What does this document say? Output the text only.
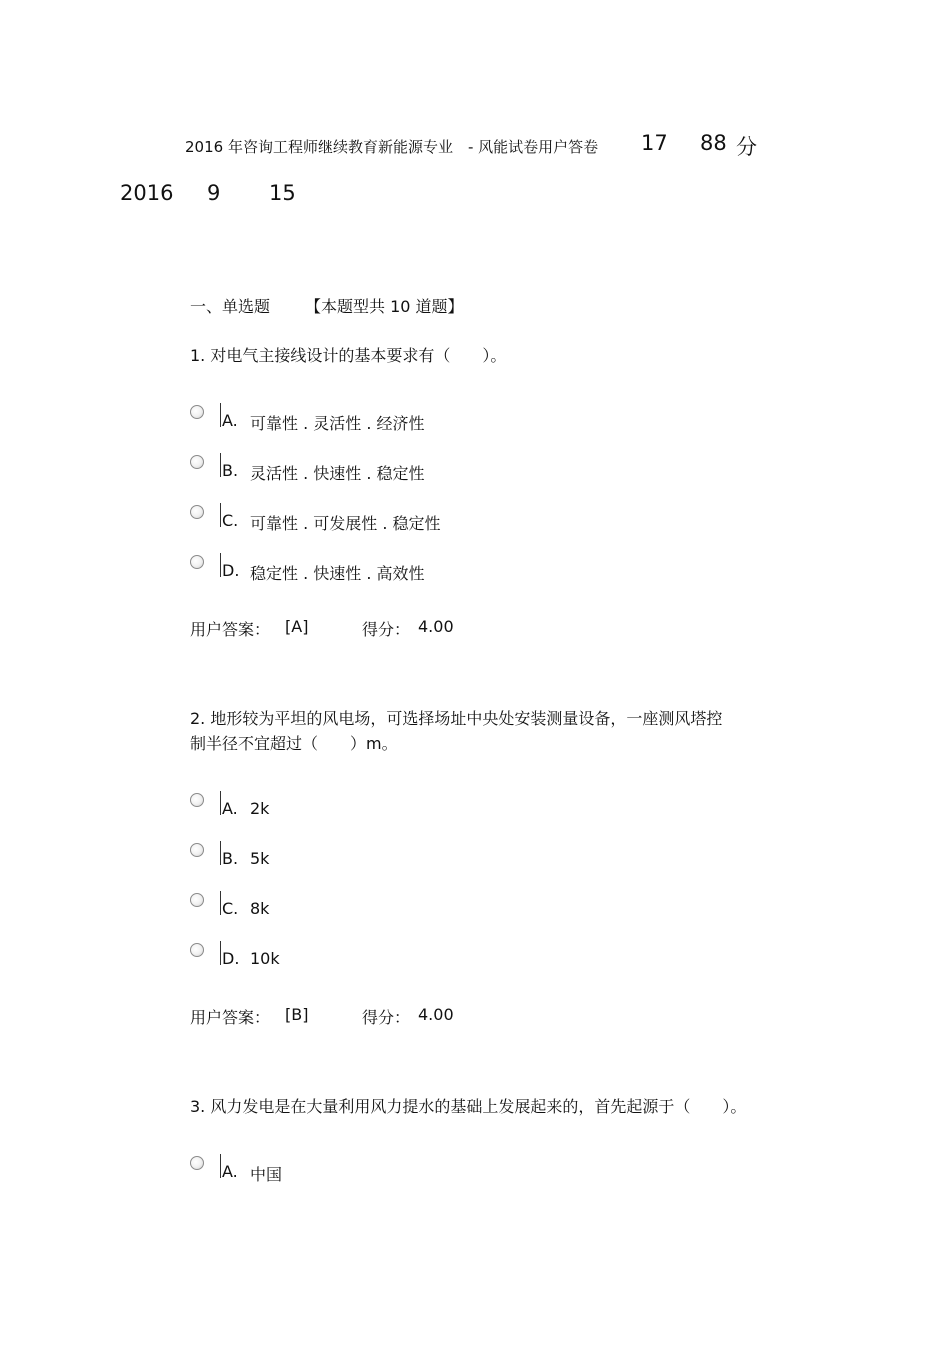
2016 年咨询工程师继续教育新能源专业　- 风能试卷用户答卷 17 88 分
2016 9 15
一、单选题 【本题型共 10 道题】
1. 对电气主接线设计的基本要求有（　　）。
A. 可靠性 . 灵活性 . 经济性
B. 灵活性 . 快速性 . 稳定性
C. 可靠性 . 可发展性 . 稳定性
D. 稳定性 . 快速性 . 高效性
用户答案： [A]	得分： 4.00
2. 地形较为平坦的风电场，可选择场址中央处安装测量设备，一座测风塔控
制半径不宜超过（　　）m。
A. 2k
B. 5k
C. 8k
D. 10k
用户答案： [B]	得分： 4.00
3. 风力发电是在大量利用风力提水的基础上发展起来的，首先起源于（　　）。
A. 中国
